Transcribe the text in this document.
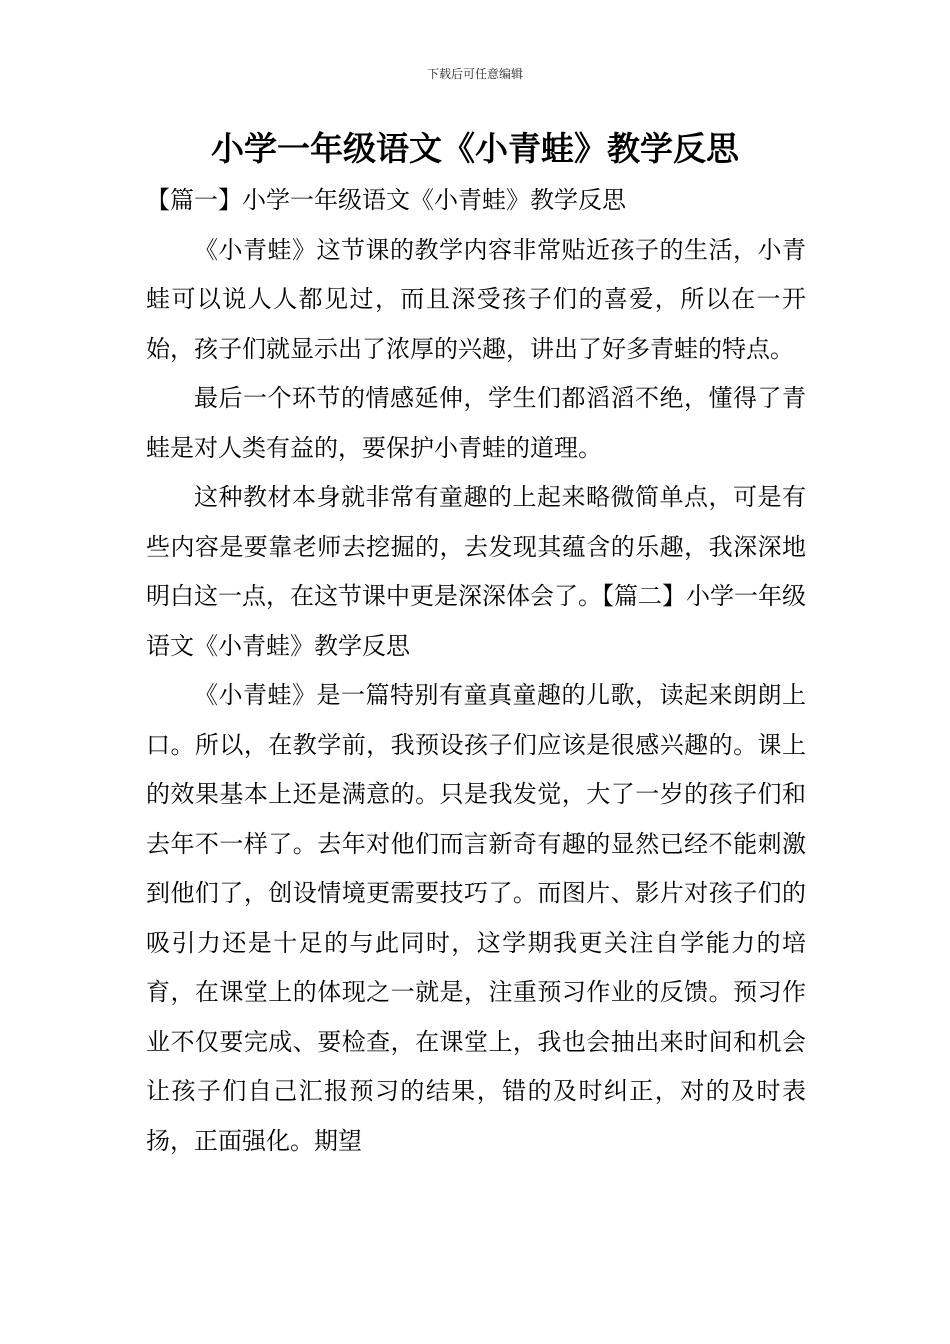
下载后可任意编辑
小学一年级语文《小青蛙》教学反思

【篇一】小学一年级语文《小青蛙》教学反思

《小青蛙》这节课的教学内容非常贴近孩子的生活，小青蛙可以说人人都见过，而且深受孩子们的喜爱，所以在一开始，孩子们就显示出了浓厚的兴趣，讲出了好多青蛙的特点。

最后一个环节的情感延伸，学生们都滔滔不绝，懂得了青蛙是对人类有益的，要保护小青蛙的道理。

这种教材本身就非常有童趣的上起来略微简单点，可是有些内容是要靠老师去挖掘的，去发现其蕴含的乐趣，我深深地明白这一点，在这节课中更是深深体会了。【篇二】小学一年级语文《小青蛙》教学反思

《小青蛙》是一篇特别有童真童趣的儿歌，读起来朗朗上口。所以，在教学前，我预设孩子们应该是很感兴趣的。课上的效果基本上还是满意的。只是我发觉，大了一岁的孩子们和去年不一样了。去年对他们而言新奇有趣的显然已经不能刺激到他们了，创设情境更需要技巧了。而图片、影片对孩子们的吸引力还是十足的与此同时，这学期我更关注自学能力的培育，在课堂上的体现之一就是，注重预习作业的反馈。预习作业不仅要完成、要检查，在课堂上，我也会抽出来时间和机会让孩子们自己汇报预习的结果，错的及时纠正，对的及时表扬，正面强化。期望
